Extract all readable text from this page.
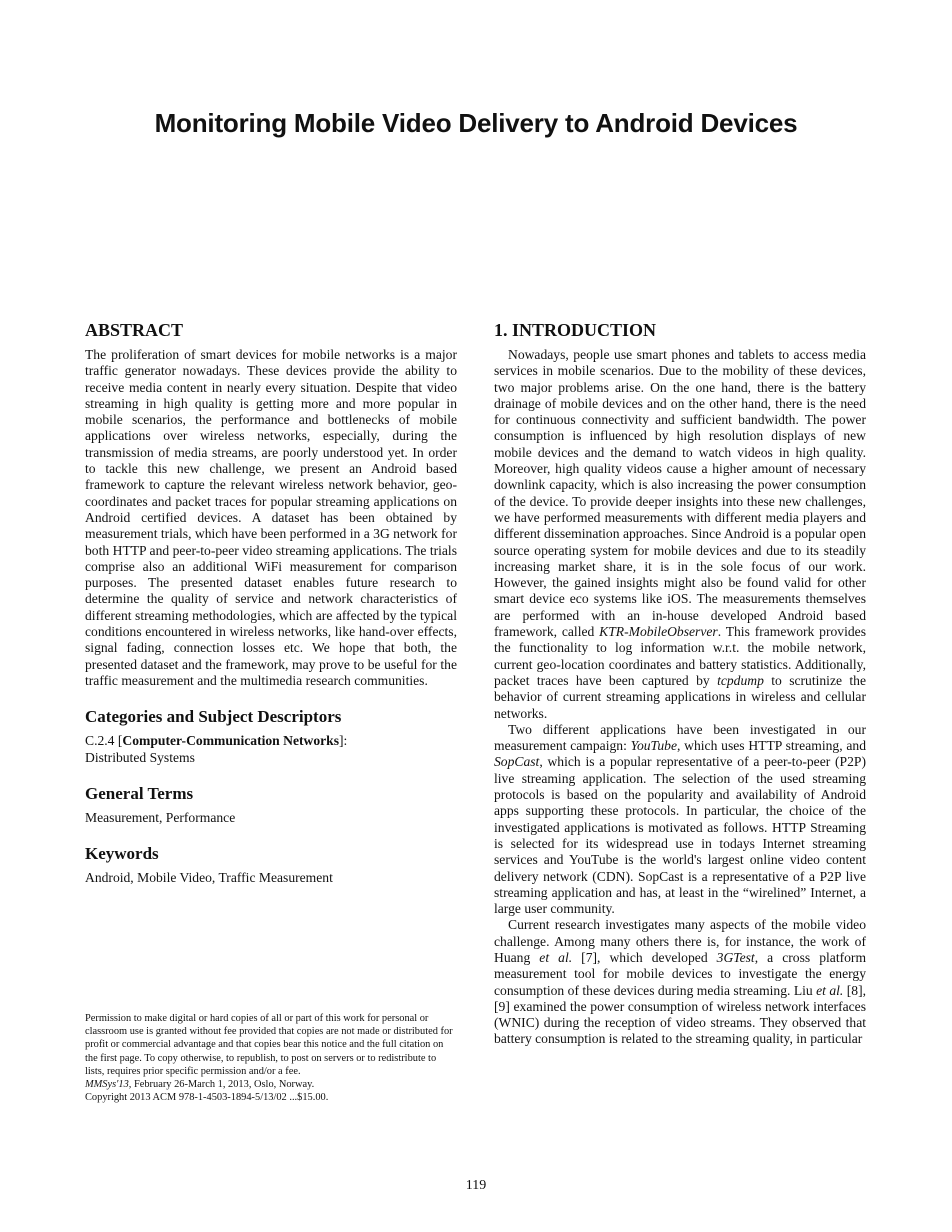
Monitoring Mobile Video Delivery to Android Devices
ABSTRACT

The proliferation of smart devices for mobile networks is a major traffic generator nowadays. These devices provide the ability to receive media content in nearly every situation. Despite that video streaming in high quality is getting more and more popular in mobile scenarios, the performance and bottlenecks of mobile applications over wireless networks, especially, during the transmission of media streams, are poorly understood yet. In order to tackle this new challenge, we present an Android based framework to capture the relevant wireless network behavior, geo-coordinates and packet traces for popular streaming applications on Android certified devices. A dataset has been obtained by measurement trials, which have been performed in a 3G network for both HTTP and peer-to-peer video streaming applications. The trials comprise also an additional WiFi measurement for comparison purposes. The presented dataset enables future research to determine the quality of service and network characteristics of different streaming methodologies, which are affected by the typical conditions encountered in wireless networks, like hand-over effects, signal fading, connection losses etc. We hope that both, the presented dataset and the framework, may prove to be useful for the traffic measurement and the multimedia research communities.

Categories and Subject Descriptors
C.2.4 [Computer-Communication Networks]:
Distributed Systems
General Terms
Measurement, Performance
Keywords
Android, Mobile Video, Traffic Measurement

Permission to make digital or hard copies of all or part of this work for personal or classroom use is granted without fee provided that copies are not made or distributed for profit or commercial advantage and that copies bear this notice and the full citation on the first page. To copy otherwise, to republish, to post on servers or to redistribute to lists, requires prior specific permission and/or a fee.

MMSys'13, February 26-March 1, 2013, Oslo, Norway.
Copyright 2013 ACM 978-1-4503-1894-5/13/02 ...$15.00.
1. INTRODUCTION

Nowadays, people use smart phones and tablets to access media services in mobile scenarios. Due to the mobility of these devices, two major problems arise. On the one hand, there is the battery drainage of mobile devices and on the other hand, there is the need for continuous connectivity and sufficient bandwidth. The power consumption is influenced by high resolution displays of new mobile devices and the demand to watch videos in high quality. Moreover, high quality videos cause a higher amount of necessary downlink capacity, which is also increasing the power consumption of the device. To provide deeper insights into these new challenges, we have performed measurements with different media players and different dissemination approaches. Since Android is a popular open source operating system for mobile devices and due to its steadily increasing market share, it is in the sole focus of our work. However, the gained insights might also be found valid for other smart device eco systems like iOS. The measurements themselves are performed with an in-house developed Android based framework, called KTR-MobileObserver. This framework provides the functionality to log information w.r.t. the mobile network, current geo-location coordinates and battery statistics. Additionally, packet traces have been captured by tcpdump to scrutinize the behavior of current streaming applications in wireless and cellular networks.

Two different applications have been investigated in our measurement campaign: YouTube, which uses HTTP streaming, and SopCast, which is a popular representative of a peer-to-peer (P2P) live streaming application. The selection of the used streaming protocols is based on the popularity and availability of Android apps supporting these protocols. In particular, the choice of the investigated applications is motivated as follows. HTTP Streaming is selected for its widespread use in todays Internet streaming services and YouTube is the world's largest online video content delivery network (CDN). SopCast is a representative of a P2P live streaming application and has, at least in the “wirelined” Internet, a large user community.

Current research investigates many aspects of the mobile video challenge. Among many others there is, for instance, the work of Huang et al. [7], which developed 3GTest, a cross platform measurement tool for mobile devices to investigate the energy consumption of these devices during media streaming. Liu et al. [8], [9] examined the power consumption of wireless network interfaces (WNIC) during the reception of video streams. They observed that battery consumption is related to the streaming quality, in particular

119
